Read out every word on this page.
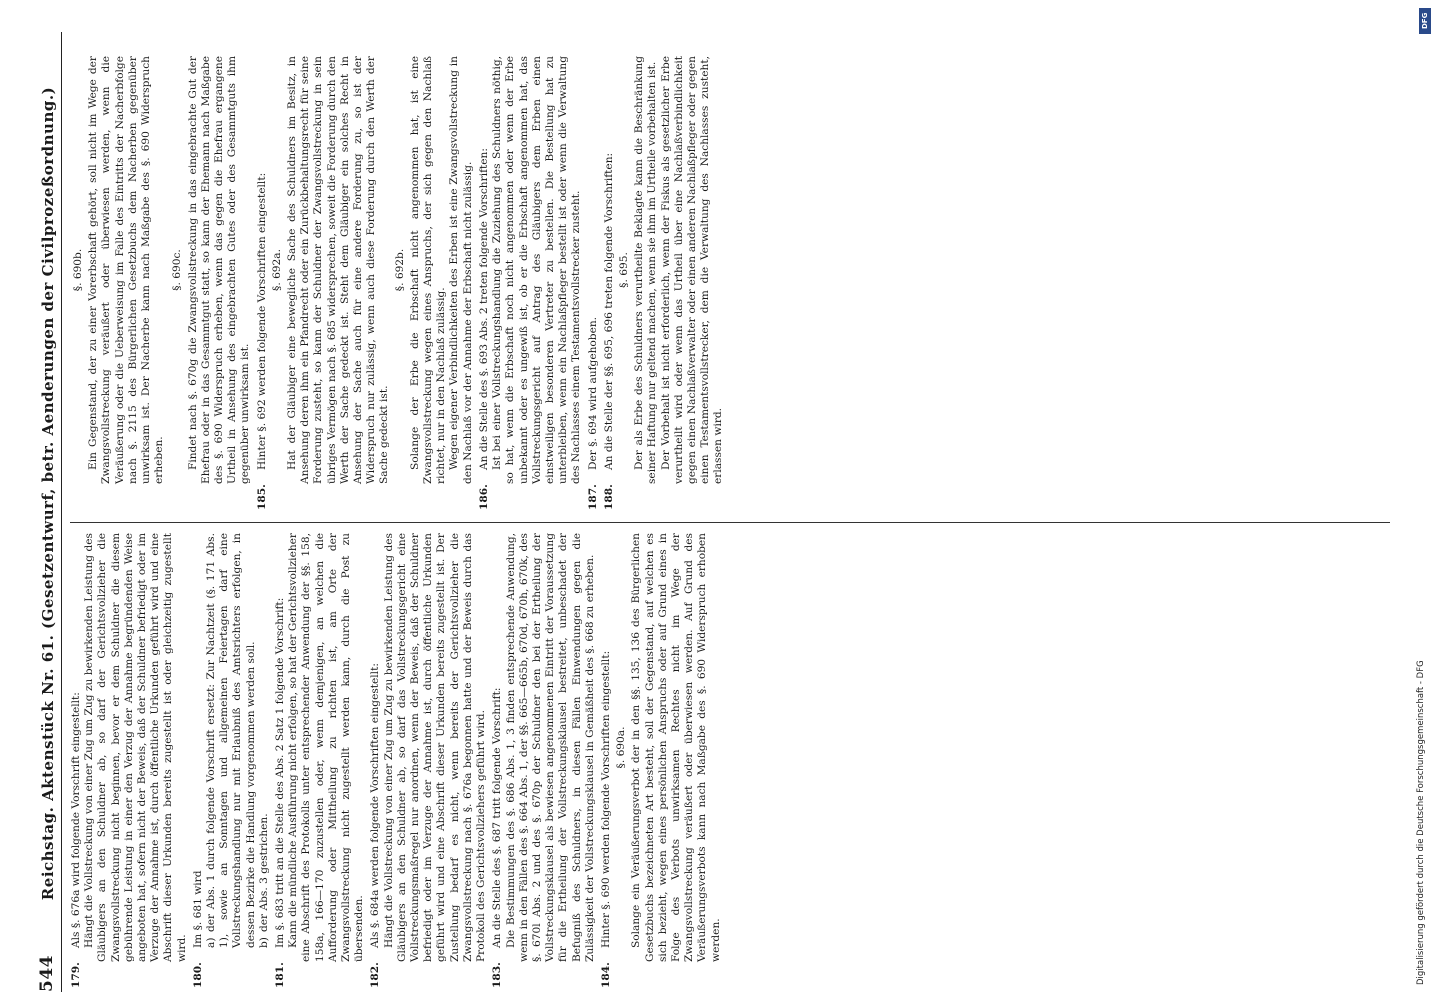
544
Reichstag. Aktenstück Nr. 61. (Gesetzentwurf, betr. Aenderungen der Civilprozeßordnung.)
179.

Als §. 676a wird folgende Vorschrift eingestellt: Hängt die Vollstreckung von einer Zug um Zug zu bewirkenden Leistung des Gläubigers an den Schuldner ab, so darf der Gerichtsvollzieher die Zwangsvollstreckung nicht beginnen, bevor er dem Schuldner die diesem gebührende Leistung in einer den Verzug der Annahme begründenden Weise angeboten hat, sofern nicht der Beweis, daß der Schuldner befriedigt oder im Verzuge der Annahme ist, durch öffentliche Urkunden geführt wird und eine Abschrift dieser Urkunden bereits zugestellt ist oder gleichzeitig zugestellt wird.

180.

Im §. 681 wird a)der Abs. 1 durch folgende Vorschrift ersetzt: Zur Nachtzeit (§. 171 Abs. 1), sowie an Sonntagen und allgemeinen Feiertagen darf eine Vollstreckungshandlung nur mit Erlaubniß des Amtsrichters erfolgen, in dessen Bezirke die Handlung vorgenommen werden soll. b)der Abs. 3 gestrichen.
181.

Im §. 683 tritt an die Stelle des Abs. 2 Satz 1 folgende Vorschrift: Kann die mündliche Ausführung nicht erfolgen, so hat der Gerichtsvollzieher eine Abschrift des Protokolls unter entsprechender Anwendung der §§. 158, 158a, 166—170 zuzustellen oder, wenn demjenigen, an welchen die Aufforderung oder Mittheilung zu richten ist, am Orte der Zwangsvollstreckung nicht zugestellt werden kann, durch die Post zu übersenden.

182.

Als §. 684a werden folgende Vorschriften eingestellt: Hängt die Vollstreckung von einer Zug um Zug zu bewirkenden Leistung des Gläubigers an den Schuldner ab, so darf das Vollstreckungsgericht eine Vollstreckungsmaßregel nur anordnen, wenn der Beweis, daß der Schuldner befriedigt oder im Verzuge der Annahme ist, durch öffentliche Urkunden geführt wird und eine Abschrift dieser Urkunden bereits zugestellt ist. Der Zustellung bedarf es nicht, wenn bereits der Gerichtsvollzieher die Zwangsvollstreckung nach §. 676a begonnen hatte und der Beweis durch das Protokoll des Gerichtsvollziehers geführt wird.

183.

An die Stelle des §. 687 tritt folgende Vorschrift: Die Bestimmungen des §. 686 Abs. 1, 3 finden entsprechende Anwendung, wenn in den Fällen des §. 664 Abs. 1, der §§. 665—665b, 670d, 670h, 670k, des §. 670l Abs. 2 und des §. 670p der Schuldner den bei der Ertheilung der Vollstreckungsklausel als bewiesen angenommenen Eintritt der Voraussetzung für die Ertheilung der Vollstreckungsklausel bestreitet, unbeschadet der Befugniß des Schuldners, in diesen Fällen Einwendungen gegen die Zulässigkeit der Vollstreckungsklausel in Gemäßheit des §. 668 zu erheben.

184.

Hinter §. 690 werden folgende Vorschriften eingestellt: §. 690a. Solange ein Veräußerungsverbot der in den §§. 135, 136 des Bürgerlichen Gesetzbuchs bezeichneten Art besteht, soll der Gegenstand, auf welchen es sich bezieht, wegen eines persönlichen Anspruchs oder auf Grund eines in Folge des Verbots unwirksamen Rechtes nicht im Wege der Zwangsvollstreckung veräußert oder überwiesen werden. Auf Grund des Veräußerungsverbots kann nach Maßgabe des §. 690 Widerspruch erhoben werden.

§. 690b. Ein Gegenstand, der zu einer Vorerbschaft gehört, soll nicht im Wege der Zwangsvollstreckung veräußert oder überwiesen werden, wenn die Veräußerung oder die Ueberweisung im Falle des Eintritts der Nacherbfolge nach §. 2115 des Bürgerlichen Gesetzbuchs dem Nacherben gegenüber unwirksam ist. Der Nacherbe kann nach Maßgabe des §. 690 Widerspruch erheben.

§. 690c. Findet nach §. 670g die Zwangsvollstreckung in das eingebrachte Gut der Ehefrau oder in das Gesammtgut statt, so kann der Ehemann nach Maßgabe des §. 690 Widerspruch erheben, wenn das gegen die Ehefrau ergangene Urtheil in Ansehung des eingebrachten Gutes oder des Gesammtguts ihm gegenüber unwirksam ist.

185.

Hinter §. 692 werden folgende Vorschriften eingestellt: §. 692a. Hat der Gläubiger eine bewegliche Sache des Schuldners im Besitz, in Ansehung deren ihm ein Pfandrecht oder ein Zurückbehaltungsrecht für seine Forderung zusteht, so kann der Schuldner der Zwangsvollstreckung in sein übriges Vermögen nach §. 685 widersprechen, soweit die Forderung durch den Werth der Sache gedeckt ist. Steht dem Gläubiger ein solches Recht in Ansehung der Sache auch für eine andere Forderung zu, so ist der Widerspruch nur zulässig, wenn auch diese Forderung durch den Werth der Sache gedeckt ist.

§. 692b. Solange der Erbe die Erbschaft nicht angenommen hat, ist eine Zwangsvollstreckung wegen eines Anspruchs, der sich gegen den Nachlaß richtet, nur in den Nachlaß zulässig. Wegen eigener Verbindlichkeiten des Erben ist eine Zwangsvollstreckung in den Nachlaß vor der Annahme der Erbschaft nicht zulässig.

186.

An die Stelle des §. 693 Abs. 2 treten folgende Vorschriften: Ist bei einer Vollstreckungshandlung die Zuziehung des Schuldners nöthig, so hat, wenn die Erbschaft noch nicht angenommen oder wenn der Erbe unbekannt oder es ungewiß ist, ob er die Erbschaft angenommen hat, das Vollstreckungsgericht auf Antrag des Gläubigers dem Erben einen einstweiligen besonderen Vertreter zu bestellen. Die Bestellung hat zu unterbleiben, wenn ein Nachlaßpfleger bestellt ist oder wenn die Verwaltung des Nachlasses einem Testamentsvollstrecker zusteht.

187.

Der §. 694 wird aufgehoben.

188.

An die Stelle der §§. 695, 696 treten folgende Vorschriften: §. 695. Der als Erbe des Schuldners verurtheilte Beklagte kann die Beschränkung seiner Haftung nur geltend machen, wenn sie ihm im Urtheile vorbehalten ist. Der Vorbehalt ist nicht erforderlich, wenn der Fiskus als gesetzlicher Erbe verurtheilt wird oder wenn das Urtheil über eine Nachlaßverbindlichkeit gegen einen Nachlaßverwalter oder einen anderen Nachlaßpfleger oder gegen einen Testamentsvollstrecker, dem die Verwaltung des Nachlasses zusteht, erlassen wird.

DFG
Digitalisierung gefördert durch die Deutsche Forschungsgemeinschaft - DFG
